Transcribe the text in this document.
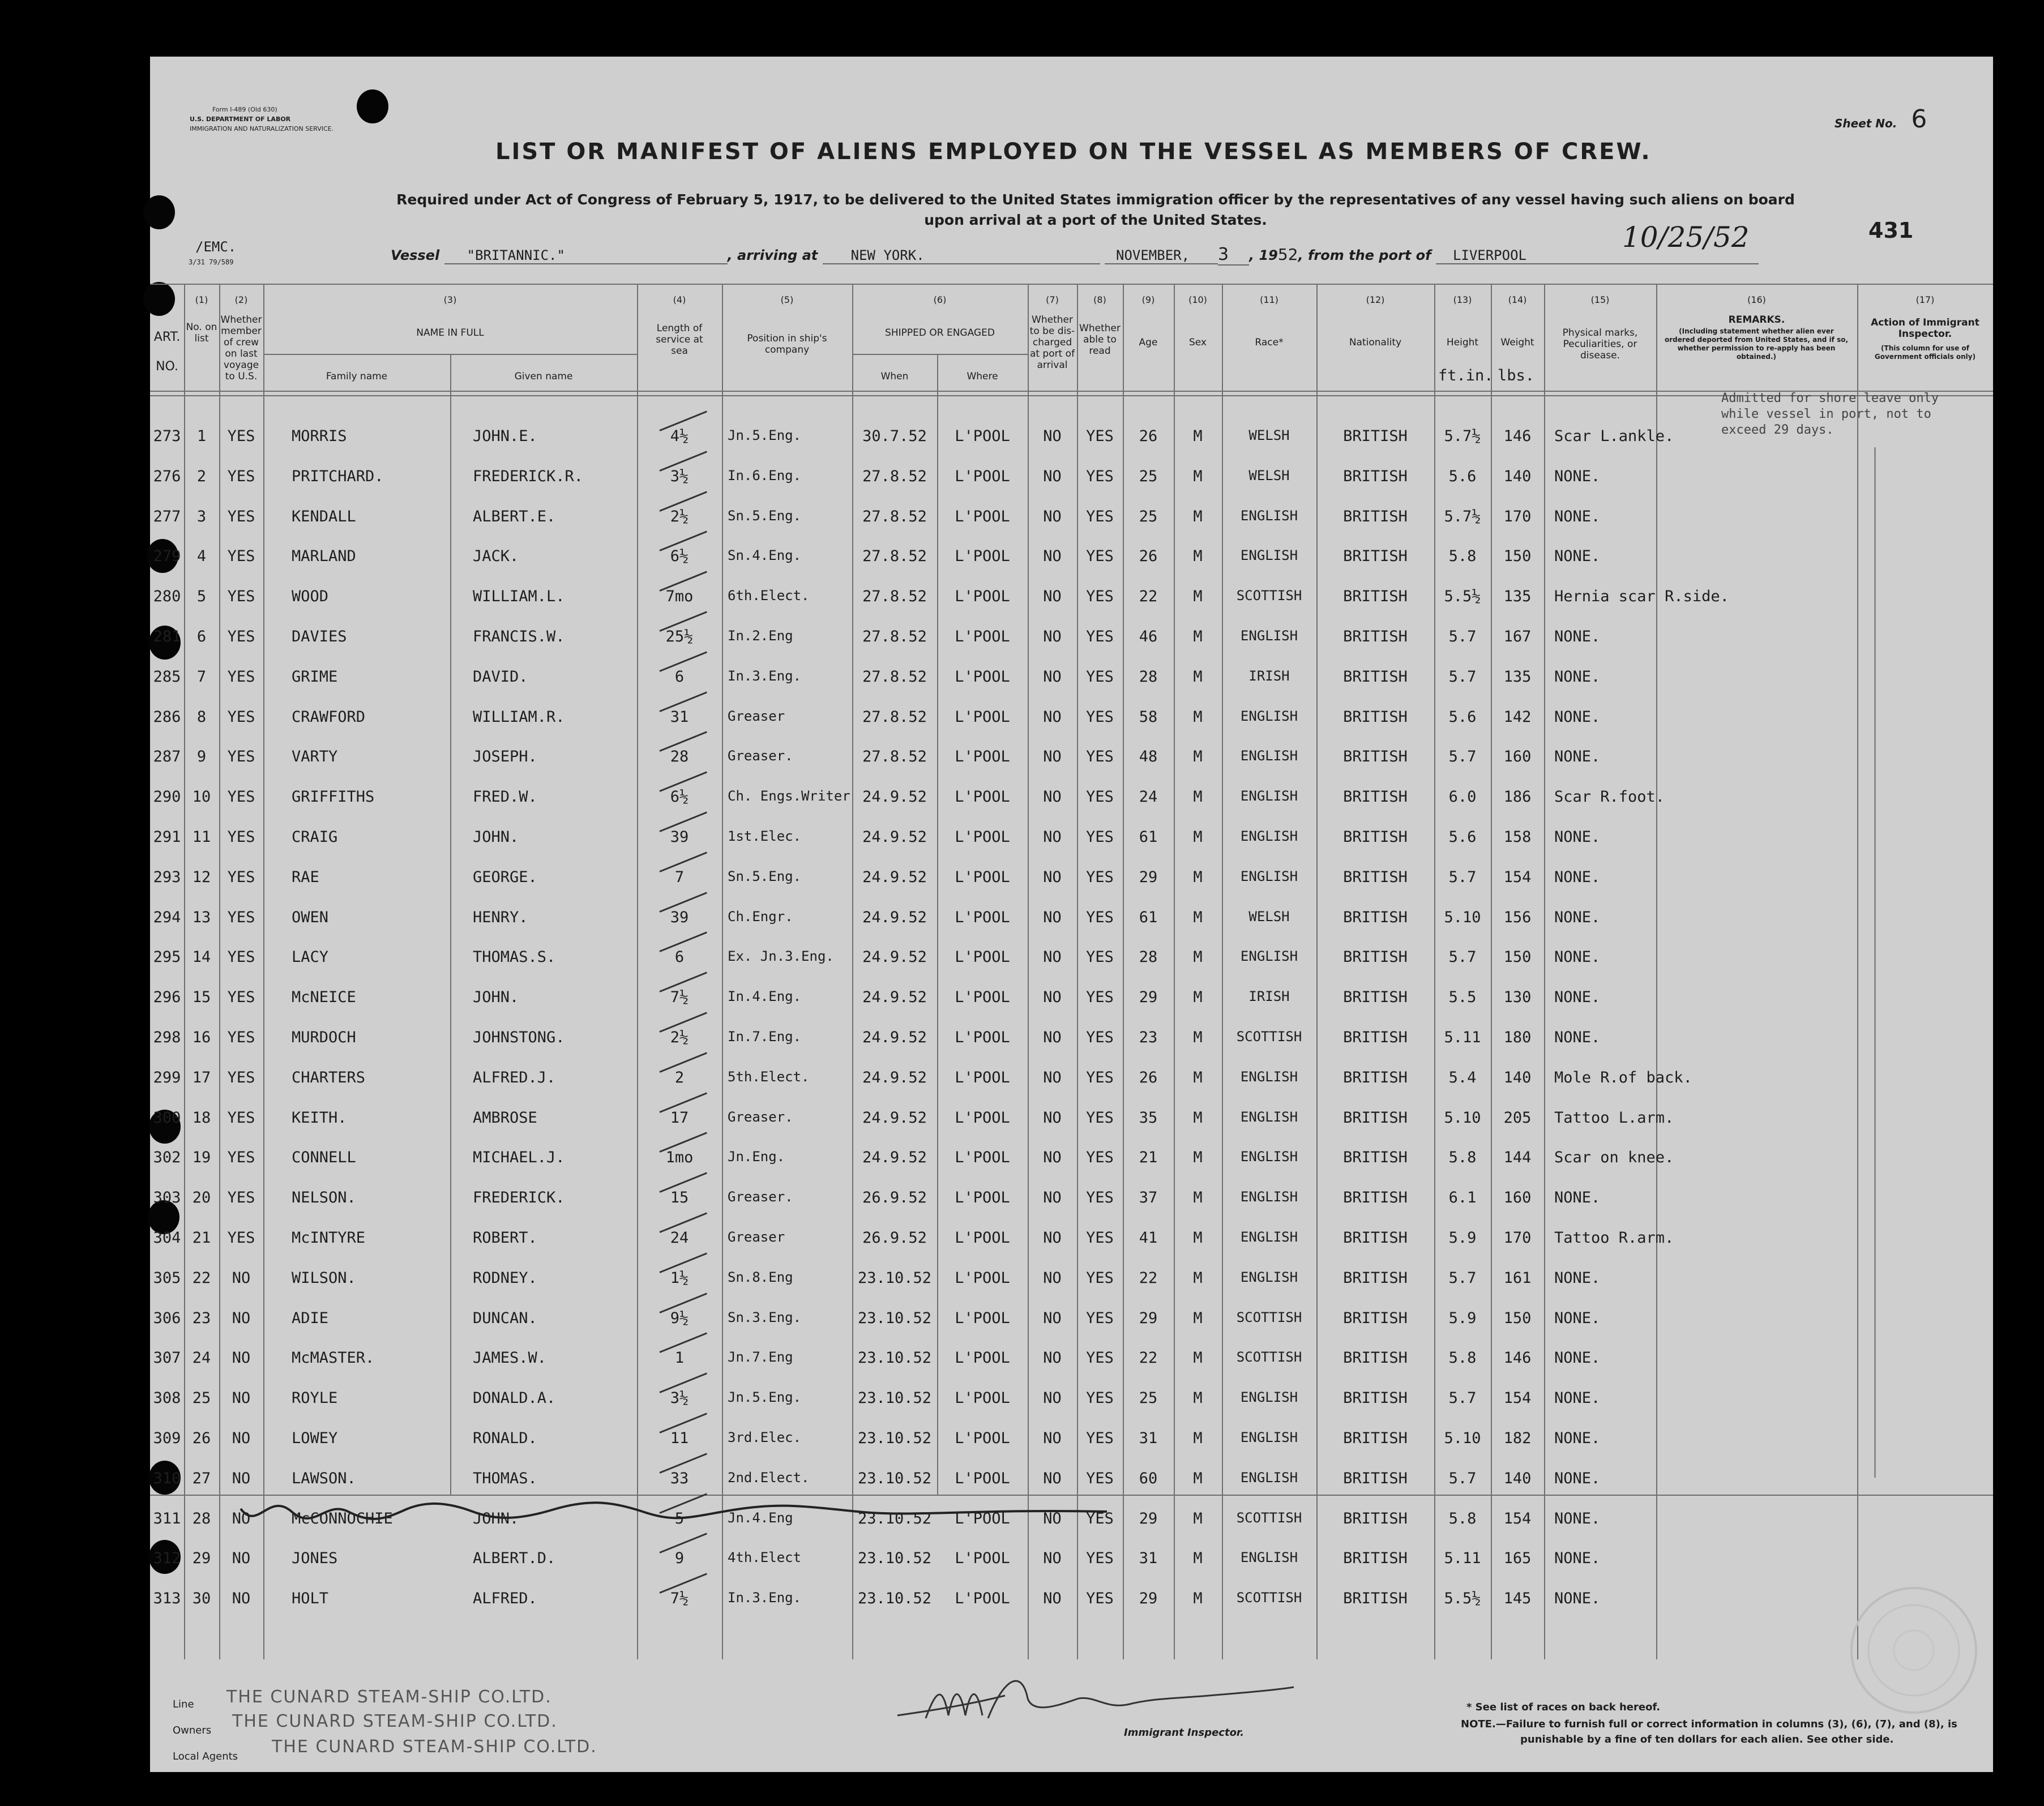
Form I-489 (Old 630)
U.S. DEPARTMENT OF LABOR
IMMIGRATION AND NATURALIZATION SERVICE.	Sheet No. 6
LIST OR MANIFEST OF ALIENS EMPLOYED ON THE VESSEL AS MEMBERS OF CREW.
Required under Act of Congress of February 5, 1917, to be delivered to the United States immigration officer by the representatives of any vessel having such aliens on board
upon arrival at a port of the United States.	431
/EMC.
3/31 79/589	Vessel "BRITANNIC."	, arriving at NEW YORK.	NOVEMBER, 3 , 1952, from the port of LIVERPOOL
10/25/52
(1)
ART. NO.
No. on list
(2)
Whether member of crew on last voyage to U.S.
(3)
NAME IN FULL
Family name	Given name
(4)
Length of service at sea
(5)
Position in ship's company
(6)
SHIPPED OR ENGAGED
When	Where
(7)
Whether to be dis-charged at port of arrival
(8)
Whether able to read
(9)
Age
(10)
Sex
(11)
Race*
(12)
Nationality
(13)
Height
ft.in.
(14)
Weight
lbs.
(15)
Physical marks, Peculiarities, or disease.
(16)
REMARKS.
(Including statement whether alien ever ordered deported from United States, and if so, whether permission to re-apply has been obtained.)
(17)
Action of Immigrant Inspector.
(This column for use of Government officials only)
Admitted for shore leave only while vessel in port, not to exceed 29 days.
273	1	YES	MORRIS	JOHN.E.	4½	Jn.5.Eng.	30.7.52	L'POOL	NO	YES	26	M	WELSH	BRITISH	5.7½	146	Scar L.ankle.
276	2	YES	PRITCHARD.	FREDERICK.R.	3½	In.6.Eng.	27.8.52	L'POOL	NO	YES	25	M	WELSH	BRITISH	5.6	140	NONE.
277	3	YES	KENDALL	ALBERT.E.	2½	Sn.5.Eng.	27.8.52	L'POOL	NO	YES	25	M	ENGLISH	BRITISH	5.7½	170	NONE.
279	4	YES	MARLAND	JACK.	6½	Sn.4.Eng.	27.8.52	L'POOL	NO	YES	26	M	ENGLISH	BRITISH	5.8	150	NONE.
280	5	YES	WOOD	WILLIAM.L.	7mo	6th.Elect.	27.8.52	L'POOL	NO	YES	22	M	SCOTTISH	BRITISH	5.5½	135	Hernia scar R.side.
281	6	YES	DAVIES	FRANCIS.W.	25½	In.2.Eng	27.8.52	L'POOL	NO	YES	46	M	ENGLISH	BRITISH	5.7	167	NONE.
285	7	YES	GRIME	DAVID.	6	In.3.Eng.	27.8.52	L'POOL	NO	YES	28	M	IRISH	BRITISH	5.7	135	NONE.
286	8	YES	CRAWFORD	WILLIAM.R.	31	Greaser	27.8.52	L'POOL	NO	YES	58	M	ENGLISH	BRITISH	5.6	142	NONE.
287	9	YES	VARTY	JOSEPH.	28	Greaser.	27.8.52	L'POOL	NO	YES	48	M	ENGLISH	BRITISH	5.7	160	NONE.
290 10	YES	GRIFFITHS	FRED.W.	6½	Ch. Engs.Writer 24.9.52	L'POOL	NO	YES	24	M	ENGLISH	BRITISH	6.0	186	Scar R.foot.
291 11	YES	CRAIG	JOHN.	39	1st.Elec.	24.9.52	L'POOL	NO	YES	61	M	ENGLISH	BRITISH	5.6	158	NONE.
293 12	YES	RAE	GEORGE.	7	Sn.5.Eng.	24.9.52	L'POOL	NO	YES	29	M	ENGLISH	BRITISH	5.7	154	NONE.
294 13	YES	OWEN	HENRY.	39	Ch.Engr.	24.9.52	L'POOL	NO	YES	61	M	WELSH	BRITISH	5.10	156	NONE.
295 14	YES	LACY	THOMAS.S.	6	Ex. Jn.3.Eng.	24.9.52	L'POOL	NO	YES	28	M	ENGLISH	BRITISH	5.7	150	NONE.
296 15	YES	McNEICE	JOHN.	7½	In.4.Eng.	24.9.52	L'POOL	NO	YES	29	M	IRISH	BRITISH	5.5	130	NONE.
298 16	YES	MURDOCH	JOHNSTONG.	2½	In.7.Eng.	24.9.52	L'POOL	NO	YES	23	M	SCOTTISH	BRITISH	5.11	180	NONE.
299 17	YES	CHARTERS	ALFRED.J.	2	5th.Elect.	24.9.52	L'POOL	NO	YES	26	M	ENGLISH	BRITISH	5.4	140	Mole R.of back.
300 18	YES	KEITH.	AMBROSE	17	Greaser.	24.9.52	L'POOL	NO	YES	35	M	ENGLISH	BRITISH	5.10	205	Tattoo L.arm.
302 19	YES	CONNELL	MICHAEL.J.	1mo	Jn.Eng.	24.9.52	L'POOL	NO	YES	21	M	ENGLISH	BRITISH	5.8	144	Scar on knee.
303 20	YES	NELSON.	FREDERICK.	15	Greaser.	26.9.52	L'POOL	NO	YES	37	M	ENGLISH	BRITISH	6.1	160	NONE.
304 21	YES	McINTYRE	ROBERT.	24	Greaser	26.9.52	L'POOL	NO	YES	41	M	ENGLISH	BRITISH	5.9	170	Tattoo R.arm.
305 22	NO	WILSON.	RODNEY.	1½	Sn.8.Eng	23.10.52	L'POOL	NO	YES	22	M	ENGLISH	BRITISH	5.7	161	NONE.
306 23	NO	ADIE	DUNCAN.	9½	Sn.3.Eng.	23.10.52	L'POOL	NO	YES	29	M	SCOTTISH	BRITISH	5.9	150	NONE.
307 24	NO	McMASTER.	JAMES.W.	1	Jn.7.Eng	23.10.52	L'POOL	NO	YES	22	M	SCOTTISH	BRITISH	5.8	146	NONE.
308 25	NO	ROYLE	DONALD.A.	3½	Jn.5.Eng.	23.10.52	L'POOL	NO	YES	25	M	ENGLISH	BRITISH	5.7	154	NONE.
309 26	NO	LOWEY	RONALD.	11	3rd.Elec.	23.10.52	L'POOL	NO	YES	31	M	ENGLISH	BRITISH	5.10	182	NONE.
310 27	NO	LAWSON.	THOMAS.	33	2nd.Elect.	23.10.52	L'POOL	NO	YES	60	M	ENGLISH	BRITISH	5.7	140	NONE.
311 28	NO	McCONNOCHIE	JOHN.	5	Jn.4.Eng	23.10.52	L'POOL	NO	YES	29	M	SCOTTISH	BRITISH	5.8	154	NONE.
312 29	NO	JONES	ALBERT.D.	9	4th.Elect	23.10.52	L'POOL	NO	YES	31	M	ENGLISH	BRITISH	5.11	165	NONE.
313 30	NO	HOLT	ALFRED.	7½	In.3.Eng.	23.10.52	L'POOL	NO	YES	29	M	SCOTTISH	BRITISH	5.5½	145	NONE.
Line THE CUNARD STEAM-SHIP CO.LTD.
Owners THE CUNARD STEAM-SHIP CO.LTD.
Local Agents THE CUNARD STEAM-SHIP CO.LTD.
Immigrant Inspector.
* See list of races on back hereof.
NOTE.—Failure to furnish full or correct information in columns (3), (6), (7), and (8), is
punishable by a fine of ten dollars for each alien. See other side.
